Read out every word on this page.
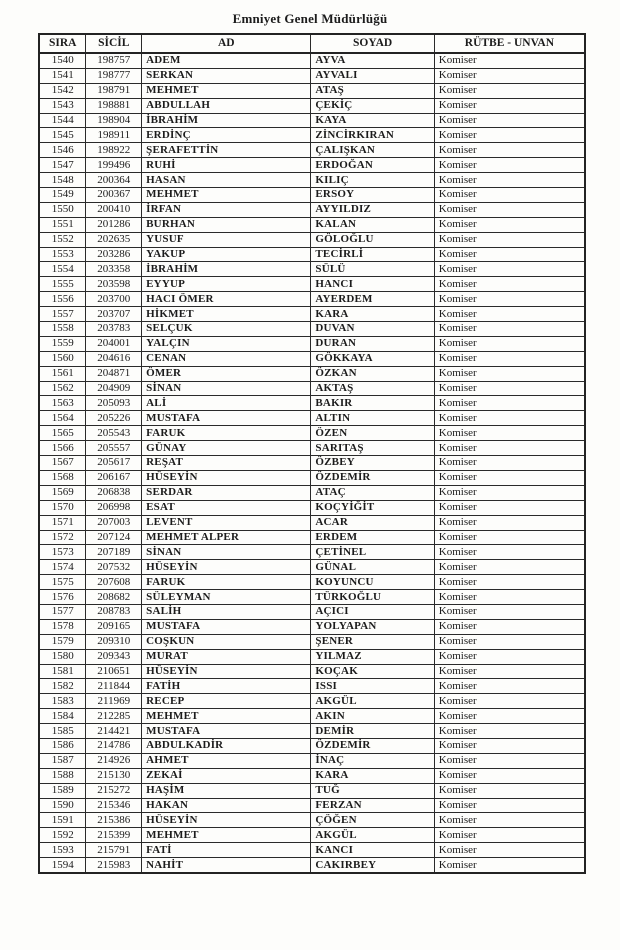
Emniyet Genel Müdürlüğü
SIRA	SİCİL	AD	SOYAD	RÜTBE - UNVAN
1540	198757	ADEM	AYVA	Komiser
1541	198777	SERKAN	AYVALI	Komiser
1542	198791	MEHMET	ATAŞ	Komiser
1543	198881	ABDULLAH	ÇEKİÇ	Komiser
1544	198904	İBRAHİM	KAYA	Komiser
1545	198911	ERDİNÇ	ZİNCİRKIRAN	Komiser
1546	198922	ŞERAFETTİN	ÇALIŞKAN	Komiser
1547	199496	RUHİ	ERDOĞAN	Komiser
1548	200364	HASAN	KILIÇ	Komiser
1549	200367	MEHMET	ERSOY	Komiser
1550	200410	İRFAN	AYYILDIZ	Komiser
1551	201286	BURHAN	KALAN	Komiser
1552	202635	YUSUF	GÖLOĞLU	Komiser
1553	203286	YAKUP	TECİRLİ	Komiser
1554	203358	İBRAHİM	SÜLÜ	Komiser
1555	203598	EYYUP	HANCI	Komiser
1556	203700	HACI ÖMER	AYERDEM	Komiser
1557	203707	HİKMET	KARA	Komiser
1558	203783	SELÇUK	DUVAN	Komiser
1559	204001	YALÇIN	DURAN	Komiser
1560	204616	CENAN	GÖKKAYA	Komiser
1561	204871	ÖMER	ÖZKAN	Komiser
1562	204909	SİNAN	AKTAŞ	Komiser
1563	205093	ALİ	BAKIR	Komiser
1564	205226	MUSTAFA	ALTIN	Komiser
1565	205543	FARUK	ÖZEN	Komiser
1566	205557	GÜNAY	SARITAŞ	Komiser
1567	205617	REŞAT	ÖZBEY	Komiser
1568	206167	HÜSEYİN	ÖZDEMİR	Komiser
1569	206838	SERDAR	ATAÇ	Komiser
1570	206998	ESAT	KOÇYİĞİT	Komiser
1571	207003	LEVENT	ACAR	Komiser
1572	207124	MEHMET ALPER	ERDEM	Komiser
1573	207189	SİNAN	ÇETİNEL	Komiser
1574	207532	HÜSEYİN	GÜNAL	Komiser
1575	207608	FARUK	KOYUNCU	Komiser
1576	208682	SÜLEYMAN	TÜRKOĞLU	Komiser
1577	208783	SALİH	AÇICI	Komiser
1578	209165	MUSTAFA	YOLYAPAN	Komiser
1579	209310	COŞKUN	ŞENER	Komiser
1580	209343	MURAT	YILMAZ	Komiser
1581	210651	HÜSEYİN	KOÇAK	Komiser
1582	211844	FATİH	ISSI	Komiser
1583	211969	RECEP	AKGÜL	Komiser
1584	212285	MEHMET	AKIN	Komiser
1585	214421	MUSTAFA	DEMİR	Komiser
1586	214786	ABDULKADİR	ÖZDEMİR	Komiser
1587	214926	AHMET	İNAÇ	Komiser
1588	215130	ZEKAİ	KARA	Komiser
1589	215272	HAŞİM	TUĞ	Komiser
1590	215346	HAKAN	FERZAN	Komiser
1591	215386	HÜSEYİN	ÇÖĞEN	Komiser
1592	215399	MEHMET	AKGÜL	Komiser
1593	215791	FATİ	KANCI	Komiser
1594	215983	NAHİT	CAKIRBEY	Komiser
